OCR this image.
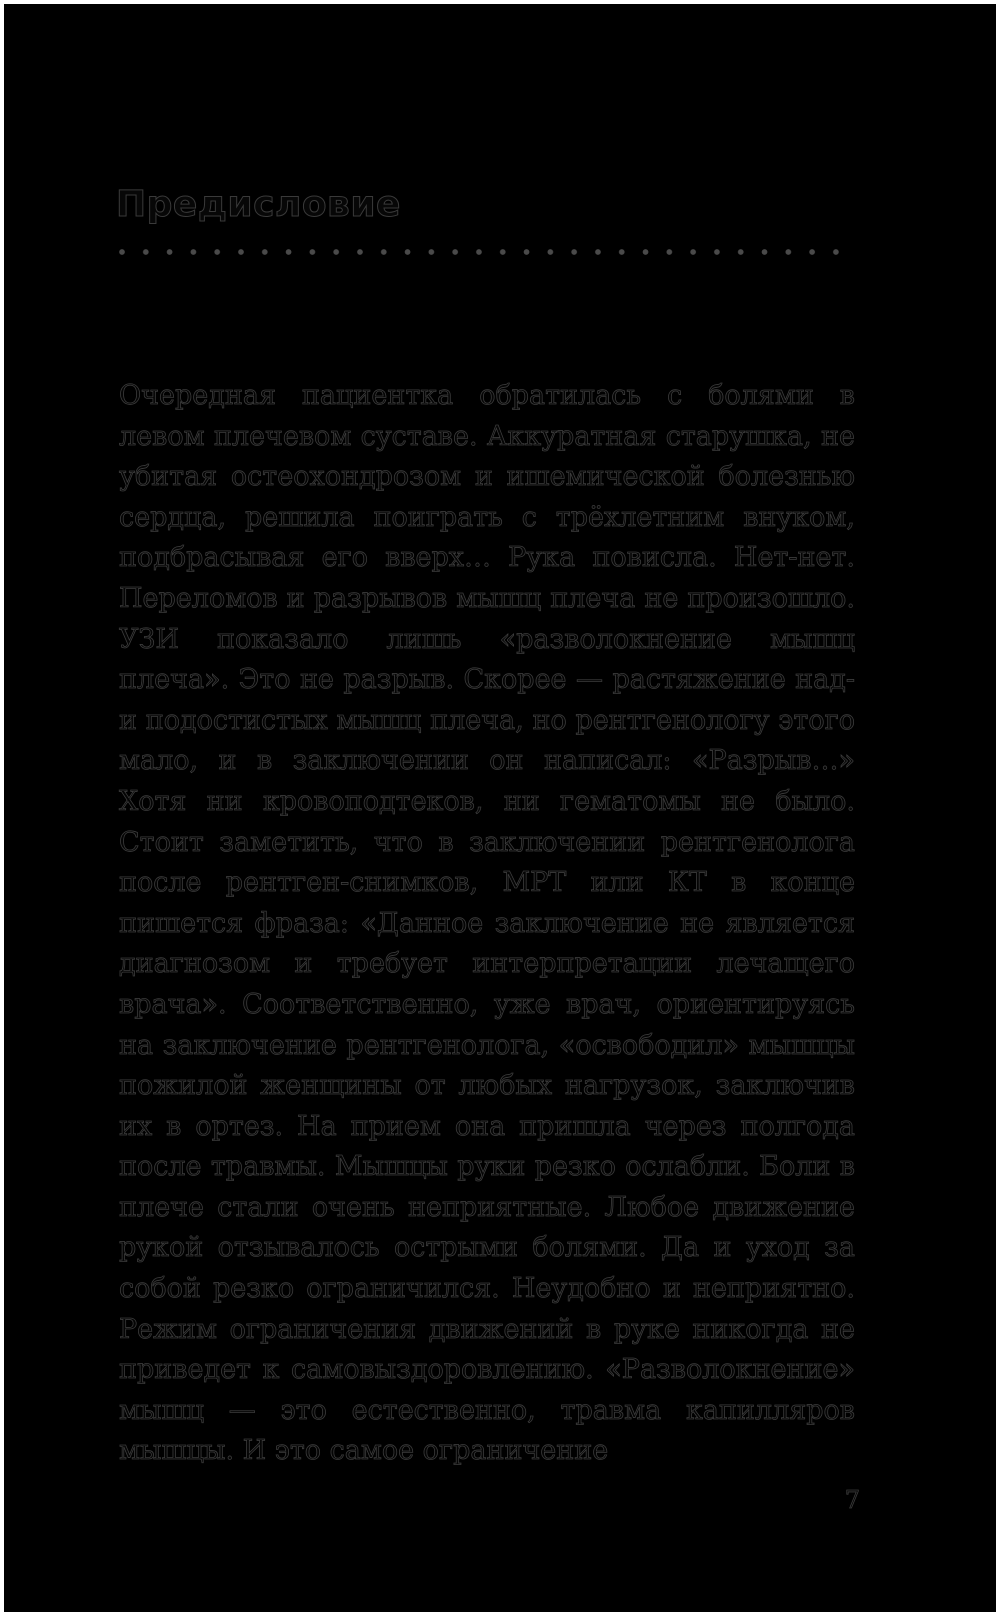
Предисловие

Очередная пациентка обратилась с болями в левом плечевом суставе. Аккуратная старушка, не убитая остеохондрозом и ишемической болезнью сердца, решила поиграть с трёхлетним внуком, подбрасывая его вверх… Рука повисла. Нет-нет. Переломов и разрывов мышц плеча не произошло. УЗИ показало лишь «разволокнение мышц плеча». Это не разрыв. Скорее — растяжение над- и подостистых мышц плеча, но рентгенологу этого мало, и в заключении он написал: «Разрыв…» Хотя ни кровоподтеков, ни гематомы не было. Стоит заметить, что в заключении рентгенолога после рентген-снимков, МРТ или КТ в конце пишется фраза: «Данное заключение не является диагнозом и требует интерпретации лечащего врача». Соответственно, уже врач, ориентируясь на заключение рентгенолога, «освободил» мышцы пожилой женщины от любых нагрузок, заключив их в ортез. На прием она пришла через полгода после травмы. Мышцы руки резко ослабли. Боли в плече стали очень неприятные. Любое движение рукой отзывалось острыми болями. Да и уход за собой резко ограничился. Неудобно и неприятно. Режим ограничения движений в руке никогда не приведет к самовыздоровлению. «Разволокнение» мышц — это естественно, травма капилляров мышцы. И это самое ограничение

7
